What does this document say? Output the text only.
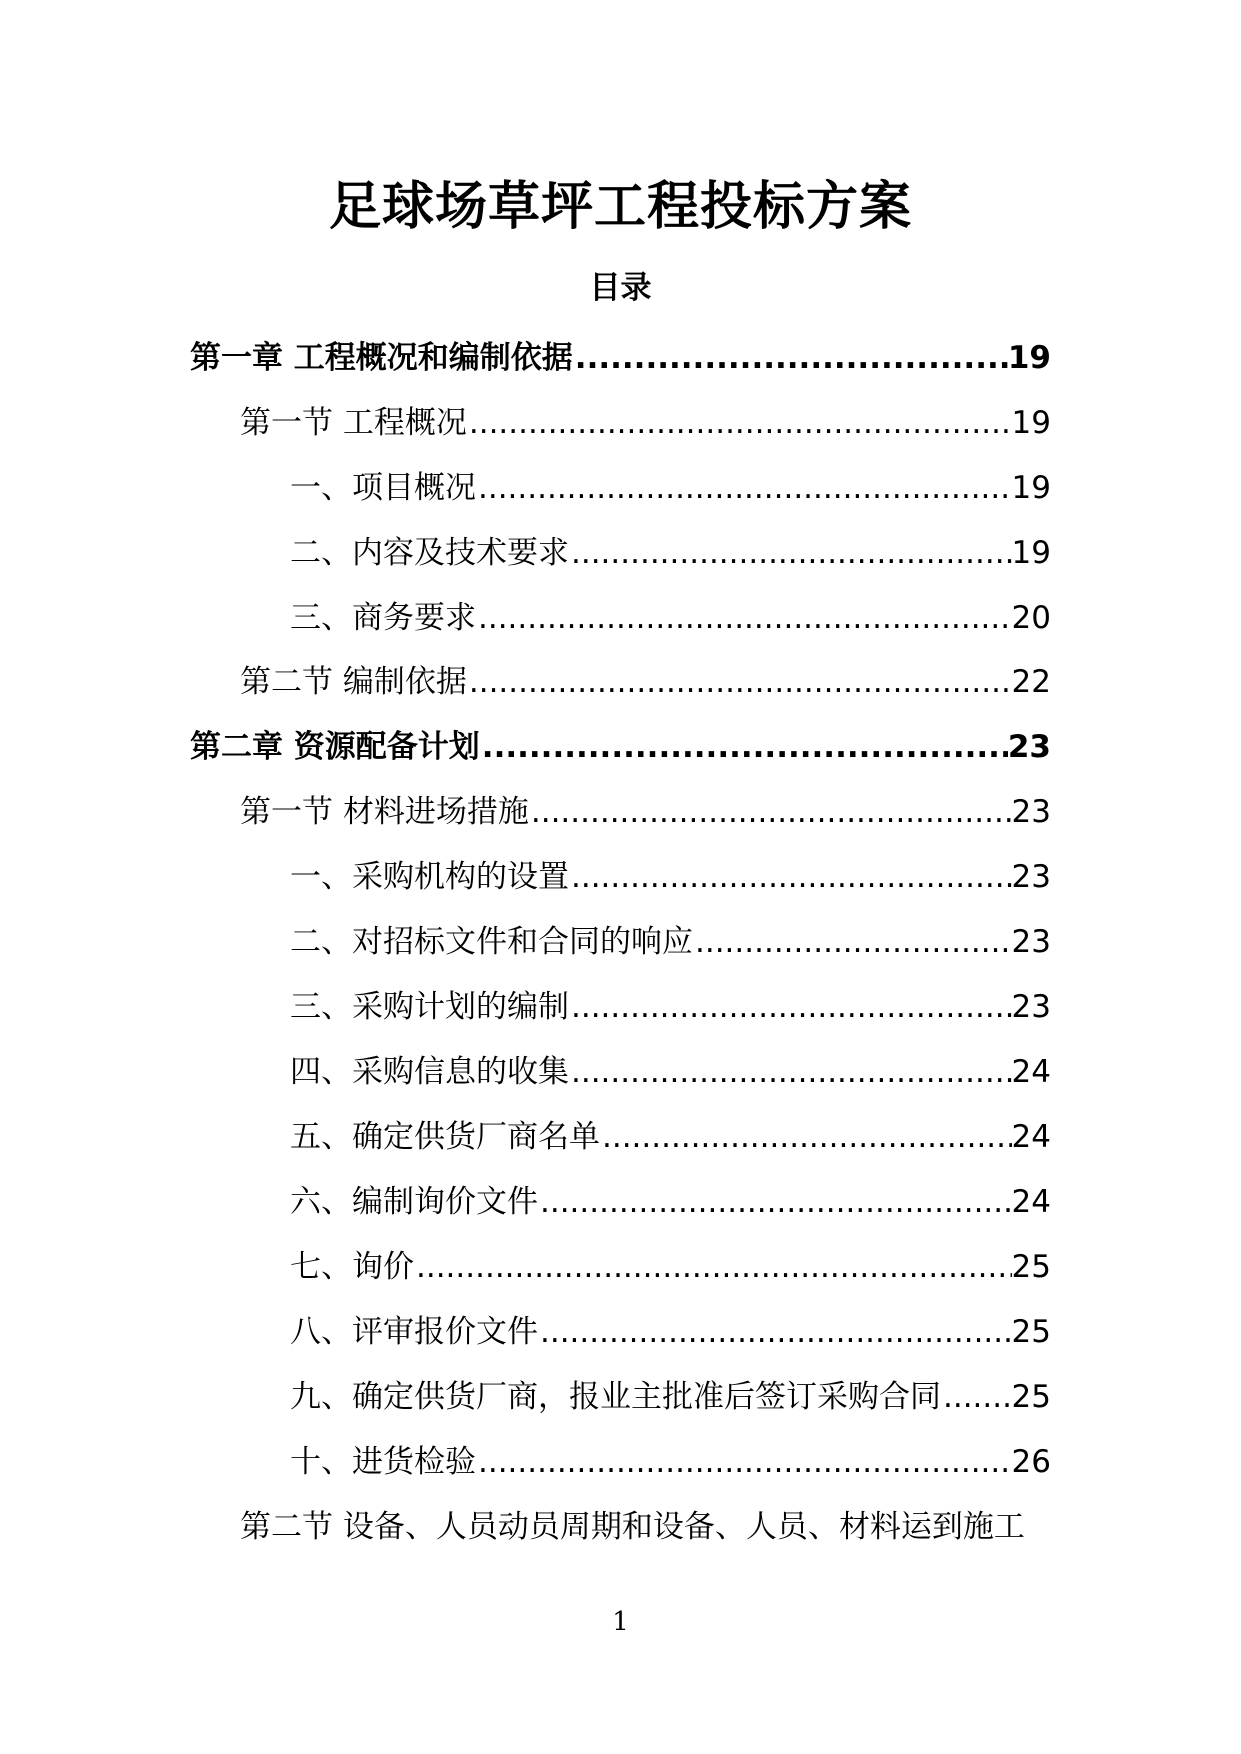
足球场草坪工程投标方案
目录
第一章 工程概况和编制依据 .....	19
第一节 工程概况 .....	19
一、项目概况 .....	19
二、内容及技术要求 .....	19
三、商务要求 .....	20
第二节 编制依据 .....	22
第二章 资源配备计划 .....	23
第一节 材料进场措施 .....	23
一、采购机构的设置 .....	23
二、对招标文件和合同的响应 .....	23
三、采购计划的编制 .....	23
四、采购信息的收集 .....	24
五、确定供货厂商名单 .....	24
六、编制询价文件 .....	24
七、询价 .....	25
八、评审报价文件 .....	25
九、确定供货厂商，报业主批准后签订采购合同 ..... 25
十、进货检验 .....	26
第二节 设备、人员动员周期和设备、人员、材料运到施工
1
